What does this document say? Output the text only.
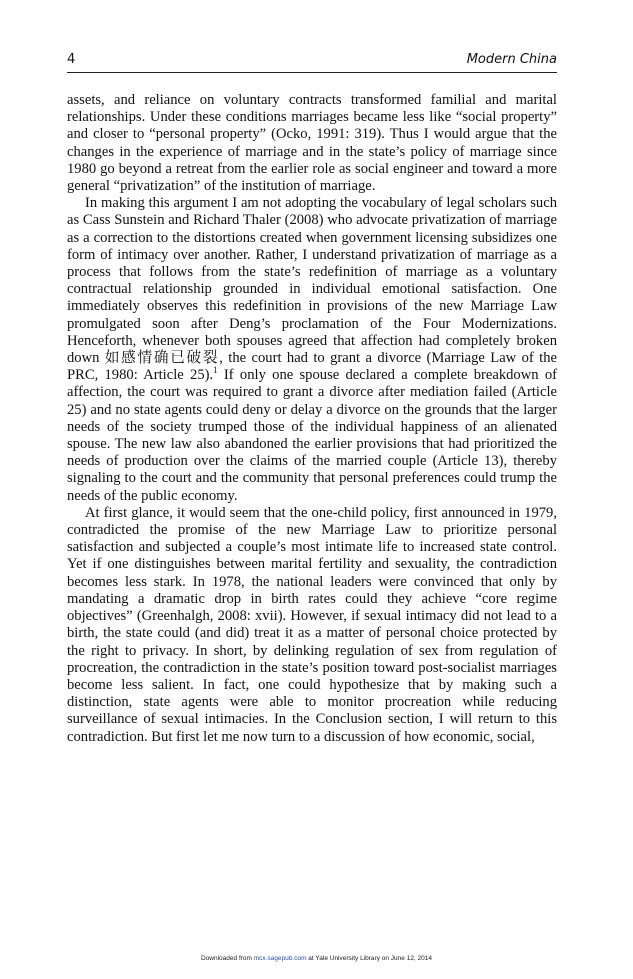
4	Modern China

assets, and reliance on voluntary contracts transformed familial and marital relationships. Under these conditions marriages became less like “social property” and closer to “personal property” (Ocko, 1991: 319). Thus I would argue that the changes in the experience of marriage and in the state’s policy of marriage since 1980 go beyond a retreat from the earlier role as social engineer and toward a more general “privatization” of the institution of marriage.

In making this argument I am not adopting the vocabulary of legal scholars such as Cass Sunstein and Richard Thaler (2008) who advocate privatization of marriage as a correction to the distortions created when government licensing subsidizes one form of intimacy over another. Rather, I understand privatization of marriage as a process that follows from the state’s redefinition of marriage as a voluntary contractual relationship grounded in individual emotional satisfaction. One immediately observes this redefinition in provisions of the new Marriage Law promulgated soon after Deng’s proclamation of the Four Modernizations. Henceforth, whenever both spouses agreed that affection had completely broken down 如感情确已破裂, the court had to grant a divorce (Marriage Law of the PRC, 1980: Article 25).$^1$ If only one spouse declared a complete breakdown of affection, the court was required to grant a divorce after mediation failed (Article 25) and no state agents could deny or delay a divorce on the grounds that the larger needs of the society trumped those of the individual happiness of an alienated spouse. The new law also abandoned the earlier provisions that had prioritized the needs of production over the claims of the married couple (Article 13), thereby signaling to the court and the community that personal preferences could trump the needs of the public economy.

At first glance, it would seem that the one-child policy, first announced in 1979, contradicted the promise of the new Marriage Law to prioritize personal satisfaction and subjected a couple’s most intimate life to increased state control. Yet if one distinguishes between marital fertility and sexuality, the contradiction becomes less stark. In 1978, the national leaders were convinced that only by mandating a dramatic drop in birth rates could they achieve “core regime objectives” (Greenhalgh, 2008: xvii). However, if sexual intimacy did not lead to a birth, the state could (and did) treat it as a matter of personal choice protected by the right to privacy. In short, by delinking regulation of sex from regulation of procreation, the contradiction in the state’s position toward post-socialist marriages become less salient. In fact, one could hypothesize that by making such a distinction, state agents were able to monitor procreation while reducing surveillance of sexual intimacies. In the Conclusion section, I will return to this contradiction. But first let me now turn to a discussion of how economic, social,

Downloaded from mcx.sagepub.com at Yale University Library on June 12, 2014
